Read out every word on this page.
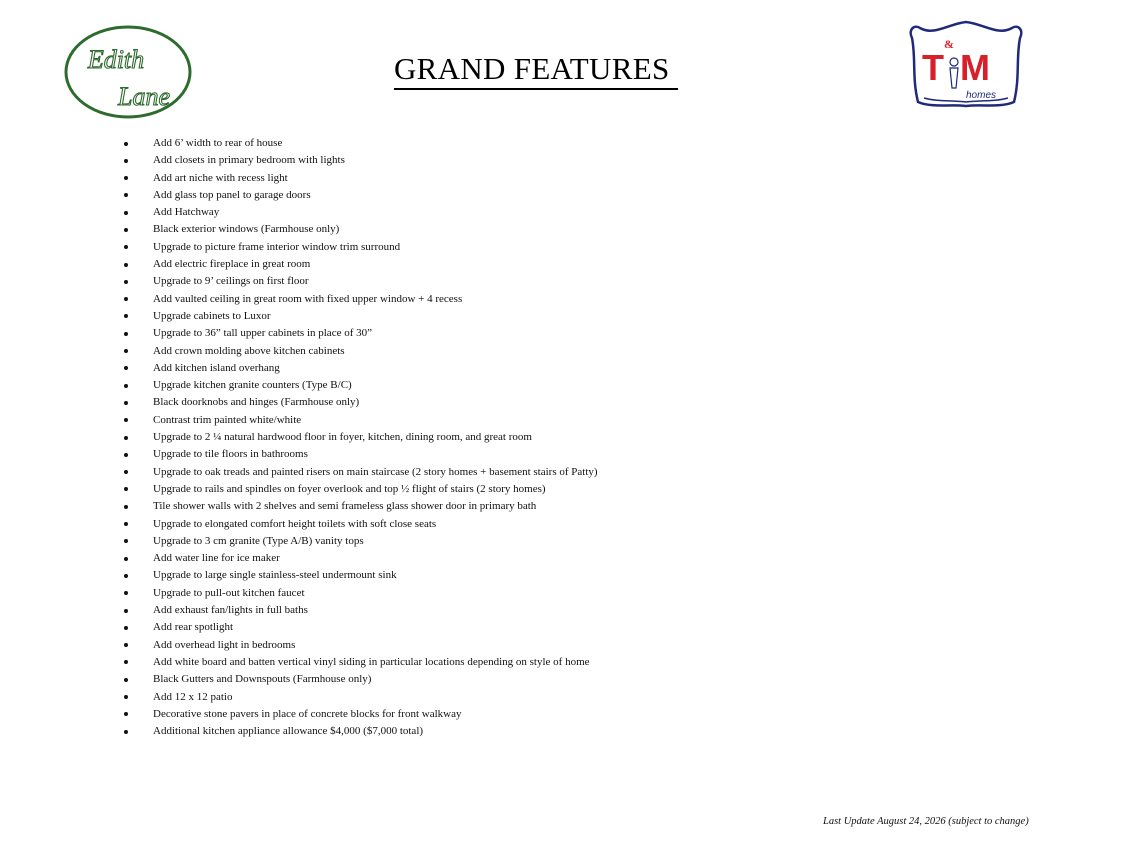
Edith
Lane
GRAND FEATURES
&
T M
homes
Add 6’ width to rear of house
Add closets in primary bedroom with lights
Add art niche with recess light
Add glass top panel to garage doors
Add Hatchway
Black exterior windows (Farmhouse only)
Upgrade to picture frame interior window trim surround
Add electric fireplace in great room
Upgrade to 9’ ceilings on first floor
Add vaulted ceiling in great room with fixed upper window + 4 recess
Upgrade cabinets to Luxor
Upgrade to 36” tall upper cabinets in place of 30”
Add crown molding above kitchen cabinets
Add kitchen island overhang
Upgrade kitchen granite counters (Type B/C)
Black doorknobs and hinges (Farmhouse only)
Contrast trim painted white/white
Upgrade to 2 ¼ natural hardwood floor in foyer, kitchen, dining room, and great room
Upgrade to tile floors in bathrooms
Upgrade to oak treads and painted risers on main staircase (2 story homes + basement stairs of Patty)
Upgrade to rails and spindles on foyer overlook and top ½ flight of stairs (2 story homes)
Tile shower walls with 2 shelves and semi frameless glass shower door in primary bath
Upgrade to elongated comfort height toilets with soft close seats
Upgrade to 3 cm granite (Type A/B) vanity tops
Add water line for ice maker
Upgrade to large single stainless-steel undermount sink
Upgrade to pull-out kitchen faucet
Add exhaust fan/lights in full baths
Add rear spotlight
Add overhead light in bedrooms
Add white board and batten vertical vinyl siding in particular locations depending on style of home
Black Gutters and Downspouts (Farmhouse only)
Add 12 x 12 patio
Decorative stone pavers in place of concrete blocks for front walkway
Additional kitchen appliance allowance $4,000 ($7,000 total)
Last Update August 24, 2026 (subject to change)
